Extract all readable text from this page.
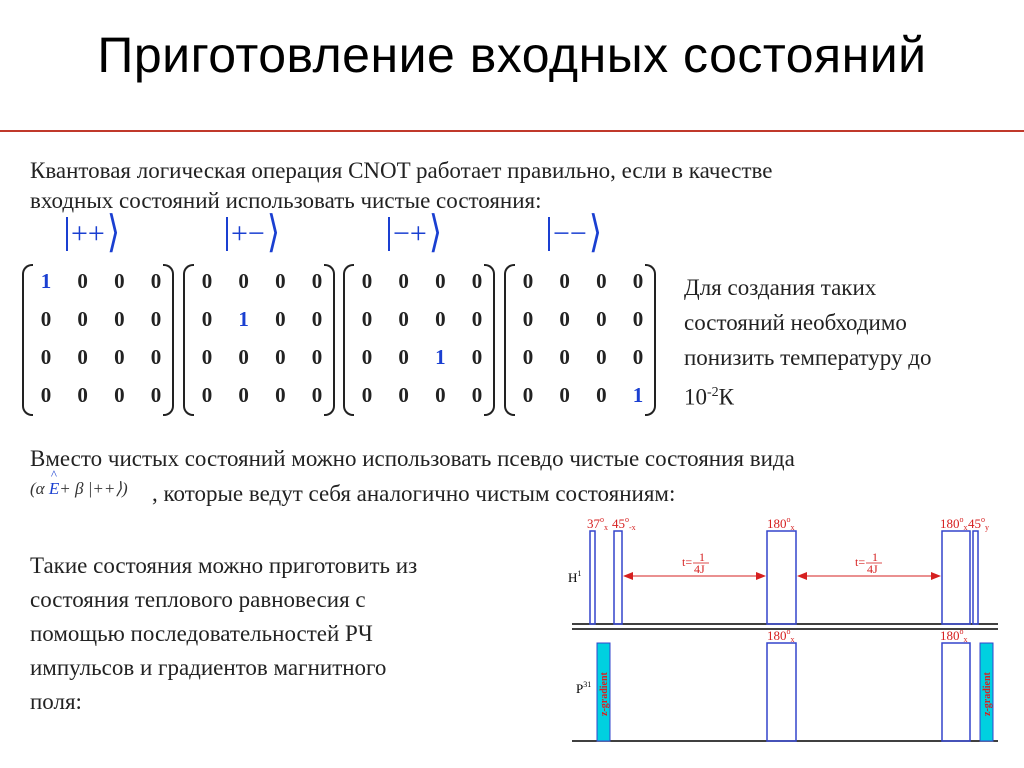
Приготовление входных состояний
Квантовая логическая операция CNOT работает правильно, если в качестве
входных состояний использовать чистые состояния:
++⟩	+−⟩	−+⟩	−−⟩
1 0 0 0
0 0 0 0
0 0 0 0
0 0 0 0
0 0 0 0
0 1 0 0
0 0 0 0
0 0 0 0
0 0 0 0
0 0 0 0
0 0 1 0
0 0 0 0
0 0 0 0
0 0 0 0
0 0 0 0
0 0 0 1
Для создания таких
состояний необходимо
понизить температуру до
$10^{-2}К$
Вместо чистых состояний можно использовать псевдо чистые состояния вида
(α ^ E+ β |++⟩) , которые ведут себя аналогично чистым состояниям:
Такие состояния можно приготовить из
состояния теплового равновесия с
помощью последовательностей РЧ
импульсов и градиентов магнитного
поля:
$H^1$
$37^o_x$ $45^o_{-x}$	$180^o_x$	$180^o_x$ $45^o_y$
t= 1 4J	t= 1 4J
z-gradient	z-gradient
$P^{31}$
$180^o_x$	$180^o_x$
